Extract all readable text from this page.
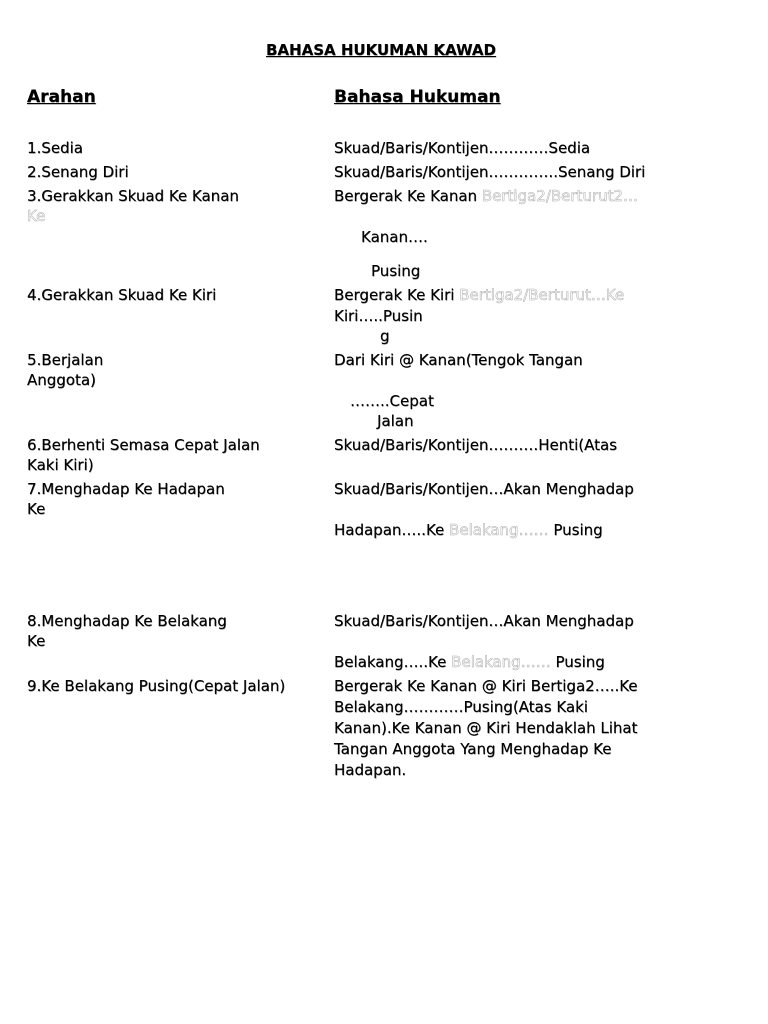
BAHASA HUKUMAN KAWAD
Arahan	Bahasa Hukuman
1.Sedia
2.Senang Diri
3.Gerakkan Skuad Ke Kanan
Ke
4.Gerakkan Skuad Ke Kiri
5.Berjalan
Anggota)
6.Berhenti Semasa Cepat Jalan
Kaki Kiri)
7.Menghadap Ke Hadapan
Ke
8.Menghadap Ke Belakang
Ke
9.Ke Belakang Pusing(Cepat Jalan)
Skuad/Baris/Kontijen…………Sedia
Skuad/Baris/Kontijen…………..Senang Diri
Bergerak Ke Kanan Bertiga2/Berturut2…
Kanan….
Pusing
Bergerak Ke Kiri Bertiga2/Berturut…Ke
Kiri…..Pusin
g
Dari Kiri @ Kanan(Tengok Tangan
……..Cepat
Jalan
Skuad/Baris/Kontijen……….Henti(Atas
Skuad/Baris/Kontijen…Akan Menghadap
Hadapan…..Ke Belakang…… Pusing
Skuad/Baris/Kontijen…Akan Menghadap
Belakang…..Ke Belakang…… Pusing
Bergerak Ke Kanan @ Kiri Bertiga2…..Ke
Belakang…………Pusing(Atas Kaki
Kanan).Ke Kanan @ Kiri Hendaklah Lihat
Tangan Anggota Yang Menghadap Ke
Hadapan.
